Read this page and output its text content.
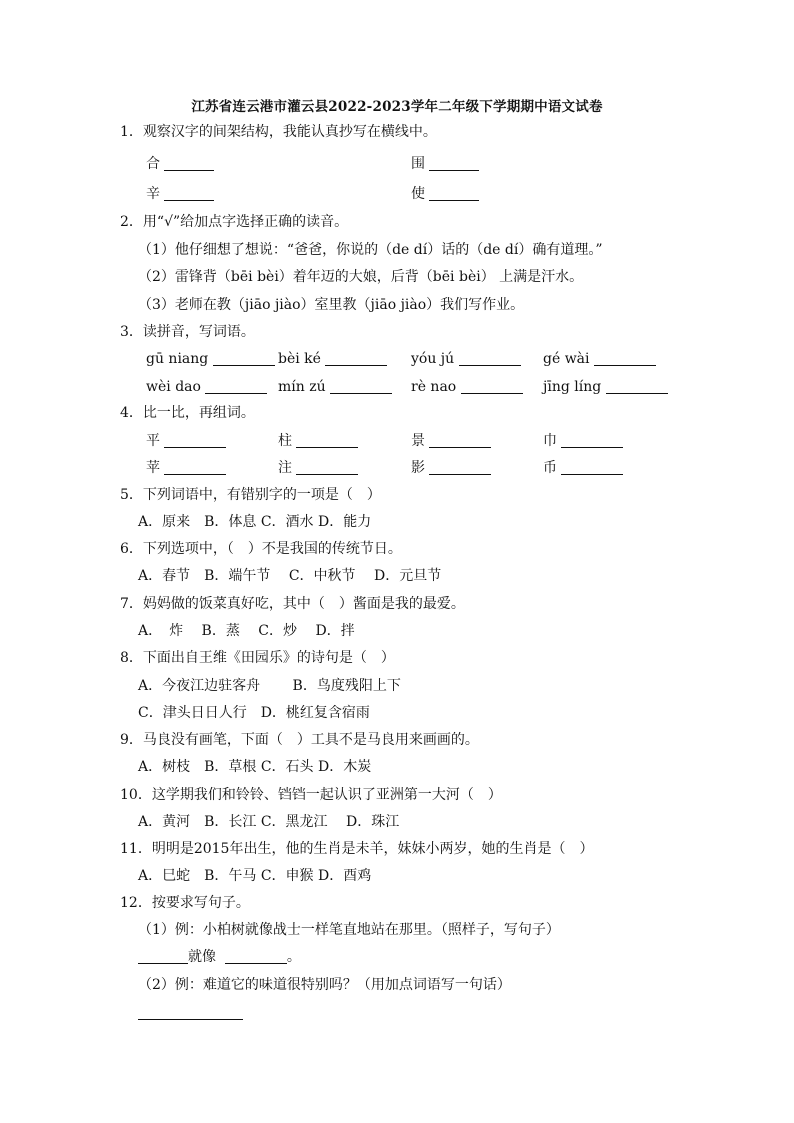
江苏省连云港市灌云县2022-2023学年二年级下学期期中语文试卷
1．观察汉字的间架结构，我能认真抄写在横线中。
合	围
辛	使
2．用“√”给加点字选择正确的读音。
（1）他仔细想了想说：“爸爸，你说的（de dí）话的（de dí）确有道理。”
（2）雷锋背（bēi bèi）着年迈的大娘，后背（bēi bèi） 上满是汗水。
（3）老师在教（jiāo jiào）室里教（jiāo jiào）我们写作业。
3．读拼音，写词语。
gū niang	bèi ké	yóu jú	gé wài
wèi dao	mín zú	rè nao	jīng líng
4．比一比，再组词。
平	柱	景	巾
苹	注	影	币
5．下列词语中，有错别字的一项是（　）
A．原来　B．体息 C．酒水 D．能力
6．下列选项中，（　）不是我国的传统节日。
A．春节　B．端午节　 C．中秋节　 D．元旦节
7．妈妈做的饭菜真好吃，其中（　）酱面是我的最爱。
A．　炸　 B．蒸　 C．炒　 D．拌
8．下面出自王维《田园乐》的诗句是（　）
A．今夜江边驻客舟　　 B．鸟度残阳上下
C．津头日日人行　D．桃红复含宿雨
9．马良没有画笔，下面（　）工具不是马良用来画画的。
A．树枝　B．草根 C．石头 D．木炭
10．这学期我们和铃铃、铛铛一起认识了亚洲第一大河（　）
A．黄河　B．长江 C．黑龙江　 D．珠江
11．明明是2015年出生，他的生肖是未羊，妹妹小两岁，她的生肖是（　）
A．巳蛇　B．午马 C．申猴 D．酉鸡
12．按要求写句子。
（1）例：小柏树就像战士一样笔直地站在那里。（照样子，写句子）
就像	。
（2）例：难道它的味道很特别吗？（用加点词语写一句话）
